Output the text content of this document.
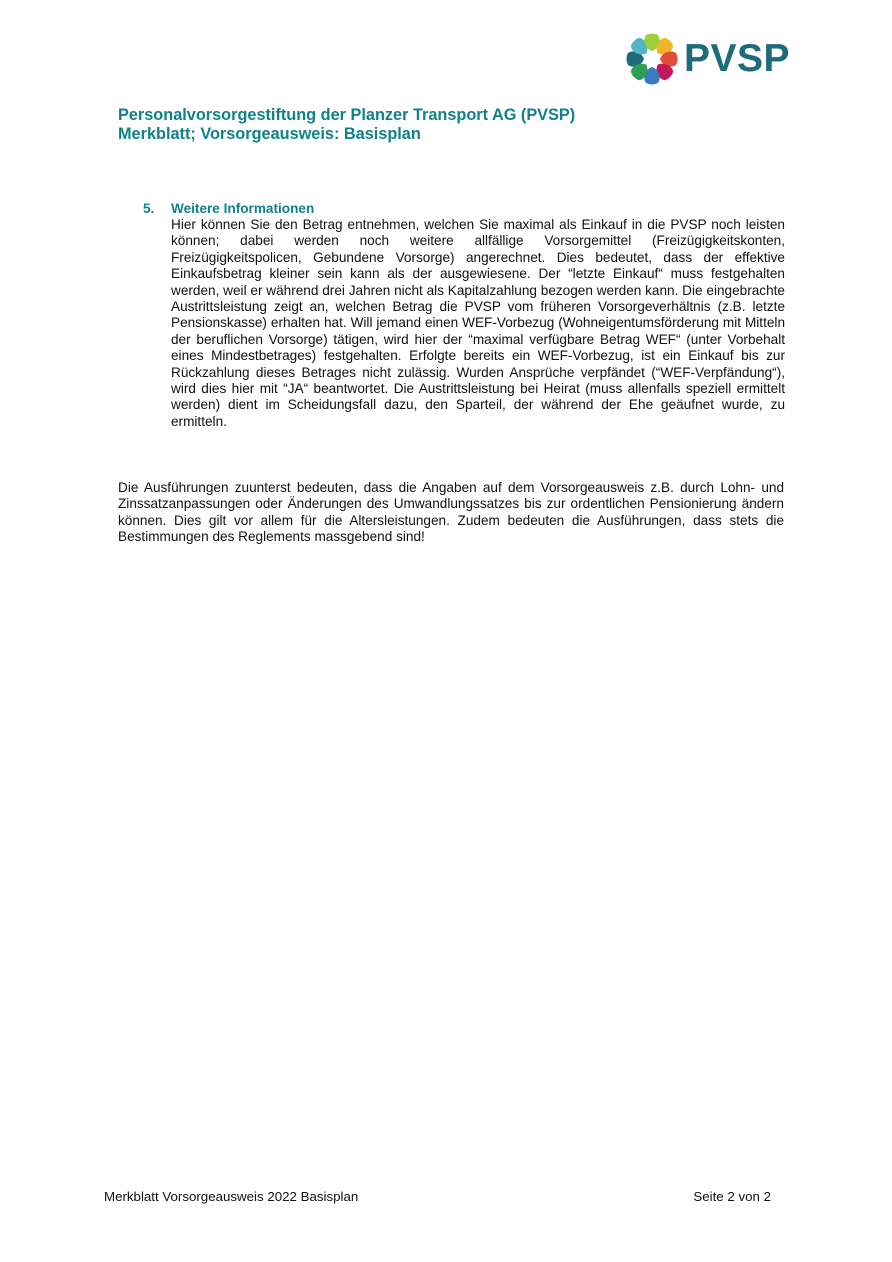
PVSP
Personalvorsorgestiftung der Planzer Transport AG (PVSP)
Merkblatt; Vorsorgeausweis: Basisplan
5. Weitere Informationen

Hier können Sie den Betrag entnehmen, welchen Sie maximal als Einkauf in die PVSP noch leisten können; dabei werden noch weitere allfällige Vorsorgemittel (Freizügigkeitskonten, Freizügigkeitspolicen, Gebundene Vorsorge) angerechnet. Dies bedeutet, dass der effektive Einkaufsbetrag kleiner sein kann als der ausgewiesene. Der “letzte Einkauf“ muss festgehalten werden, weil er während drei Jahren nicht als Kapitalzahlung bezogen werden kann. Die eingebrachte Austrittsleistung zeigt an, welchen Betrag die PVSP vom früheren Vorsorgeverhältnis (z.B. letzte Pensionskasse) erhalten hat. Will jemand einen WEF-Vorbezug (Wohneigentumsförderung mit Mitteln der beruflichen Vorsorge) tätigen, wird hier der “maximal verfügbare Betrag WEF“ (unter Vorbehalt eines Mindestbetrages) festgehalten. Erfolgte bereits ein WEF-Vorbezug, ist ein Einkauf bis zur Rückzahlung dieses Betrages nicht zulässig. Wurden Ansprüche verpfändet (“WEF-Verpfändung“), wird dies hier mit “JA“ beantwortet. Die Austrittsleistung bei Heirat (muss allenfalls speziell ermittelt werden) dient im Scheidungsfall dazu, den Sparteil, der während der Ehe geäufnet wurde, zu ermitteln.

Die Ausführungen zuunterst bedeuten, dass die Angaben auf dem Vorsorgeausweis z.B. durch Lohn- und Zinssatzanpassungen oder Änderungen des Umwandlungssatzes bis zur ordentlichen Pensionierung ändern können. Dies gilt vor allem für die Altersleistungen. Zudem bedeuten die Ausführungen, dass stets die Bestimmungen des Reglements massgebend sind!

Merkblatt Vorsorgeausweis 2022 Basisplan	Seite 2 von 2
